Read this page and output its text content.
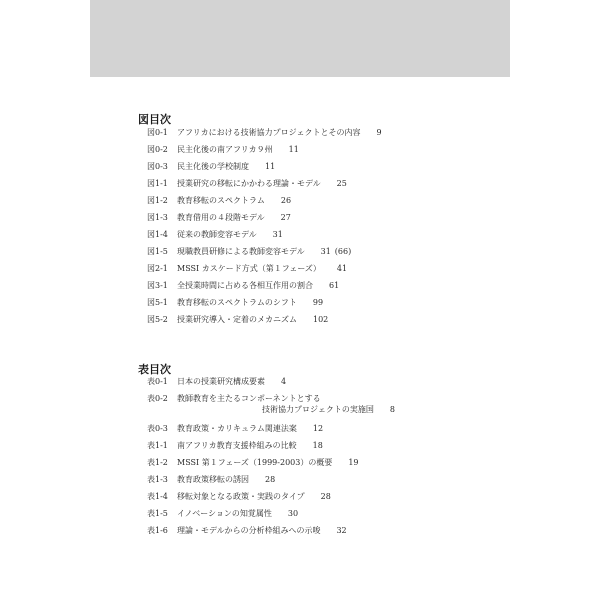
図目次
図0-1	アフリカにおける技術協力プロジェクトとその内容 9
図0-2	民主化後の南アフリカ９州 11
図0-3	民主化後の学校制度 11
図1-1	授業研究の移転にかかわる理論・モデル 25
図1-2	教育移転のスペクトラム 26
図1-3	教育借用の４段階モデル 27
図1-4	従来の教師変容モデル 31
図1-5	現職教員研修による教師変容モデル 31 (66)
図2-1	MSSI カスケード方式（第１フェーズ） 41
図3-1	全授業時間に占める各相互作用の割合 61
図5-1	教育移転のスペクトラムのシフト 99
図5-2	授業研究導入・定着のメカニズム 102
表目次
表0-1	日本の授業研究構成要素 4
表0-2	教師教育を主たるコンポーネントとする
技術協力プロジェクトの実施国 8
表0-3	教育政策・カリキュラム関連法案 12
表1-1	南アフリカ教育支援枠組みの比較 18
表1-2	MSSI 第１フェーズ（1999-2003）の概要 19
表1-3	教育政策移転の誘因 28
表1-4	移転対象となる政策・実践のタイプ 28
表1-5	イノベーションの知覚属性 30
表1-6	理論・モデルからの分析枠組みへの示唆 32
